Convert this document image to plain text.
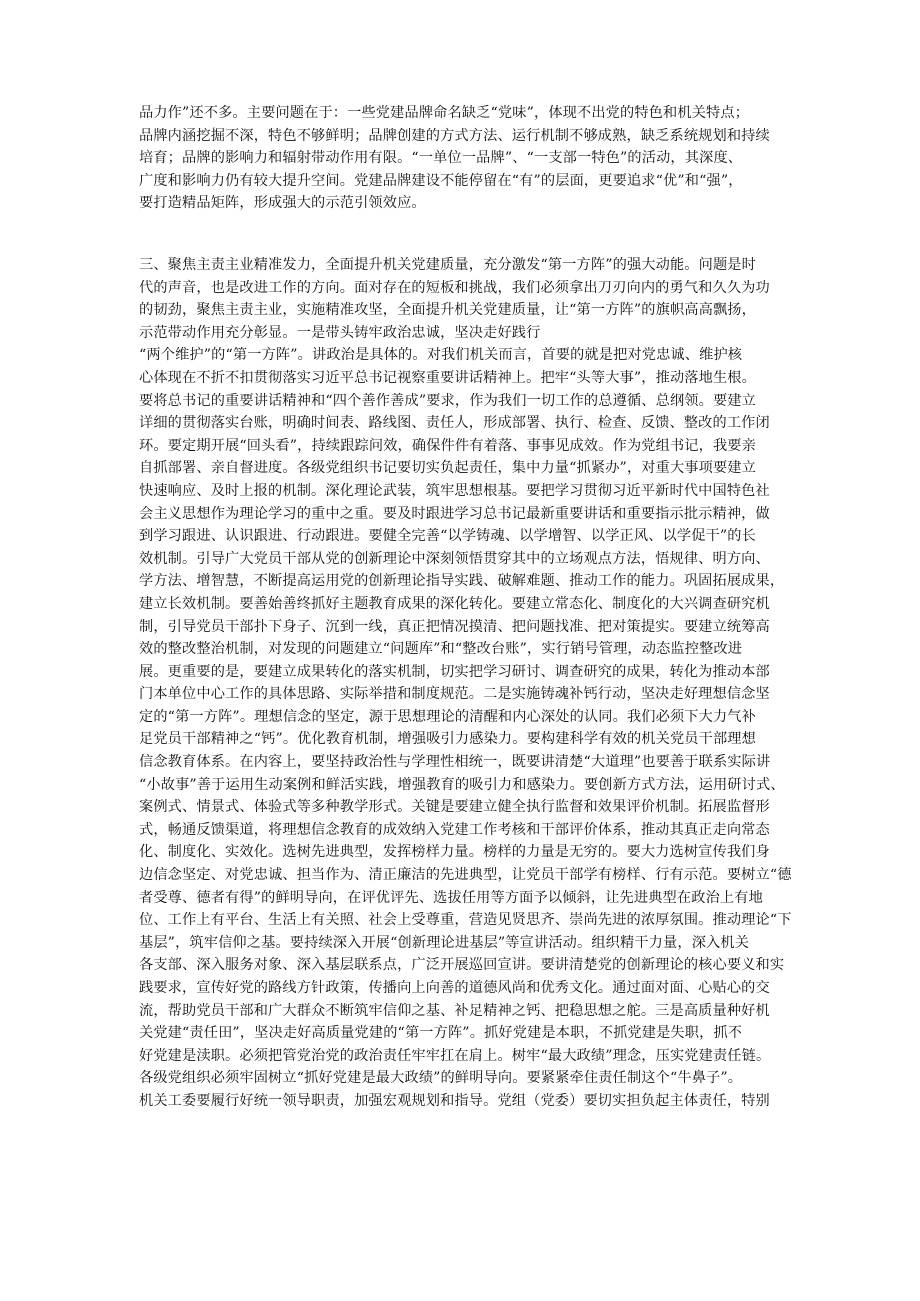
品力作”还不多。主要问题在于：一些党建品牌命名缺乏“党味”，体现不出党的特色和机关特点；
品牌内涵挖掘不深，特色不够鲜明；品牌创建的方式方法、运行机制不够成熟，缺乏系统规划和持续
培育；品牌的影响力和辐射带动作用有限。“一单位一品牌”、“一支部一特色”的活动，其深度、
广度和影响力仍有较大提升空间。党建品牌建设不能停留在“有”的层面，更要追求“优”和“强”，
要打造精品矩阵，形成强大的示范引领效应。
三、聚焦主责主业精准发力，全面提升机关党建质量，充分激发“第一方阵”的强大动能。问题是时
代的声音，也是改进工作的方向。面对存在的短板和挑战，我们必须拿出刀刃向内的勇气和久久为功
的韧劲，聚焦主责主业，实施精准攻坚，全面提升机关党建质量，让“第一方阵”的旗帜高高飘扬，
示范带动作用充分彰显。一是带头铸牢政治忠诚，坚决走好践行
“两个维护”的“第一方阵”。讲政治是具体的。对我们机关而言，首要的就是把对党忠诚、维护核
心体现在不折不扣贯彻落实习近平总书记视察重要讲话精神上。把牢“头等大事”，推动落地生根。
要将总书记的重要讲话精神和“四个善作善成”要求，作为我们一切工作的总遵循、总纲领。要建立
详细的贯彻落实台账，明确时间表、路线图、责任人，形成部署、执行、检查、反馈、整改的工作闭
环。要定期开展“回头看”，持续跟踪问效，确保件件有着落、事事见成效。作为党组书记，我要亲
自抓部署、亲自督进度。各级党组织书记要切实负起责任，集中力量“抓紧办”，对重大事项要建立
快速响应、及时上报的机制。深化理论武装，筑牢思想根基。要把学习贯彻习近平新时代中国特色社
会主义思想作为理论学习的重中之重。要及时跟进学习总书记最新重要讲话和重要指示批示精神，做
到学习跟进、认识跟进、行动跟进。要健全完善“以学铸魂、以学增智、以学正风、以学促干”的长
效机制。引导广大党员干部从党的创新理论中深刻领悟贯穿其中的立场观点方法，悟规律、明方向、
学方法、增智慧，不断提高运用党的创新理论指导实践、破解难题、推动工作的能力。巩固拓展成果，
建立长效机制。要善始善终抓好主题教育成果的深化转化。要建立常态化、制度化的大兴调查研究机
制，引导党员干部扑下身子、沉到一线，真正把情况摸清、把问题找准、把对策提实。要建立统筹高
效的整改整治机制，对发现的问题建立“问题库”和“整改台账”，实行销号管理，动态监控整改进
展。更重要的是，要建立成果转化的落实机制，切实把学习研讨、调查研究的成果，转化为推动本部
门本单位中心工作的具体思路、实际举措和制度规范。二是实施铸魂补钙行动，坚决走好理想信念坚
定的“第一方阵”。理想信念的坚定，源于思想理论的清醒和内心深处的认同。我们必须下大力气补
足党员干部精神之“钙”。优化教育机制，增强吸引力感染力。要构建科学有效的机关党员干部理想
信念教育体系。在内容上，要坚持政治性与学理性相统一，既要讲清楚“大道理”也要善于联系实际讲
“小故事”善于运用生动案例和鲜活实践，增强教育的吸引力和感染力。要创新方式方法，运用研讨式、
案例式、情景式、体验式等多种教学形式。关键是要建立健全执行监督和效果评价机制。拓展监督形
式，畅通反馈渠道，将理想信念教育的成效纳入党建工作考核和干部评价体系，推动其真正走向常态
化、制度化、实效化。选树先进典型，发挥榜样力量。榜样的力量是无穷的。要大力选树宣传我们身
边信念坚定、对党忠诚、担当作为、清正廉洁的先进典型，让党员干部学有榜样、行有示范。要树立“德
者受尊、德者有得”的鲜明导向，在评优评先、选拔任用等方面予以倾斜，让先进典型在政治上有地
位、工作上有平台、生活上有关照、社会上受尊重，营造见贤思齐、崇尚先进的浓厚氛围。推动理论“下
基层”，筑牢信仰之基。要持续深入开展“创新理论进基层”等宣讲活动。组织精干力量，深入机关
各支部、深入服务对象、深入基层联系点，广泛开展巡回宣讲。要讲清楚党的创新理论的核心要义和实
践要求，宣传好党的路线方针政策，传播向上向善的道德风尚和优秀文化。通过面对面、心贴心的交
流，帮助党员干部和广大群众不断筑牢信仰之基、补足精神之钙、把稳思想之舵。三是高质量种好机
关党建“责任田”，坚决走好高质量党建的“第一方阵”。抓好党建是本职，不抓党建是失职，抓不
好党建是渎职。必须把管党治党的政治责任牢牢扛在肩上。树牢“最大政绩”理念，压实党建责任链。
各级党组织必须牢固树立“抓好党建是最大政绩”的鲜明导向。要紧紧牵住责任制这个“牛鼻子”。
机关工委要履行好统一领导职责，加强宏观规划和指导。党组（党委）要切实担负起主体责任，特别
